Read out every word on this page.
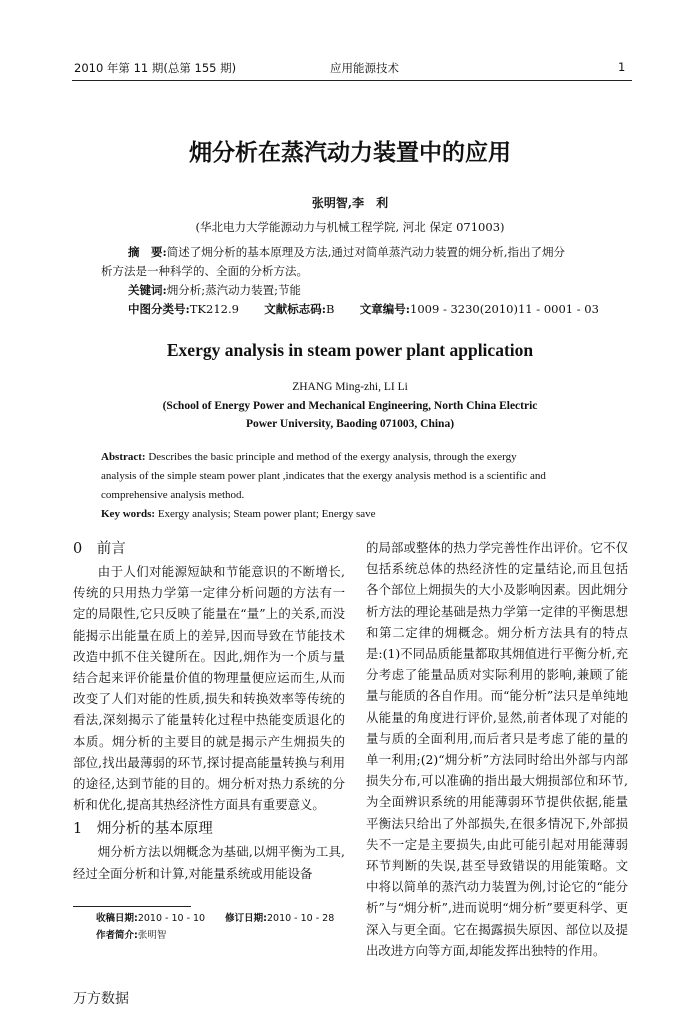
2010 年第 11 期(总第 155 期)	应用能源技术	1
㶲分析在蒸汽动力装置中的应用
张明智,李　利
(华北电力大学能源动力与机械工程学院, 河北 保定 071003)
摘　要:简述了㶲分析的基本原理及方法,通过对简单蒸汽动力装置的㶲分析,指出了㶲分
析方法是一种科学的、全面的分析方法。
关键词:㶲分析;蒸汽动力装置;节能
中图分类号:TK212.9 文献标志码:B 文章编号:1009 - 3230(2010)11 - 0001 - 03
Exergy analysis in steam power plant application
ZHANG Ming-zhi, LI Li
(School of Energy Power and Mechanical Engineering, North China Electric
Power University, Baoding 071003, China)
Abstract: Describes the basic principle and method of the exergy analysis, through the exergy
analysis of the simple steam power plant ,indicates that the exergy analysis method is a scientific and
comprehensive analysis method.
Key words: Exergy analysis; Steam power plant; Energy save
0　前言

由于人们对能源短缺和节能意识的不断增长,传统的只用热力学第一定律分析问题的方法有一定的局限性,它只反映了能量在“量”上的关系,而没能揭示出能量在质上的差异,因而导致在节能技术改造中抓不住关键所在。因此,㶲作为一个质与量结合起来评价能量价值的物理量便应运而生,从而改变了人们对能的性质,损失和转换效率等传统的看法,深刻揭示了能量转化过程中热能变质退化的本质。㶲分析的主要目的就是揭示产生㶲损失的部位,找出最薄弱的环节,探讨提高能量转换与利用的途径,达到节能的目的。㶲分析对热力系统的分析和优化,提高其热经济性方面具有重要意义。

1　㶲分析的基本原理

㶲分析方法以㶲概念为基础,以㶲平衡为工具,经过全面分析和计算,对能量系统或用能设备

收稿日期:2010 - 10 - 10 修订日期:2010 - 10 - 28
作者简介:张明智

的局部或整体的热力学完善性作出评价。它不仅包括系统总体的热经济性的定量结论,而且包括各个部位上㶲损失的大小及影响因素。因此㶲分析方法的理论基础是热力学第一定律的平衡思想和第二定律的㶲概念。㶲分析方法具有的特点是:(1)不同品质能量都取其㶲值进行平衡分析,充分考虑了能量品质对实际利用的影响,兼顾了能量与能质的各自作用。而“能分析”法只是单纯地从能量的角度进行评价,显然,前者体现了对能的量与质的全面利用,而后者只是考虑了能的量的单一利用;(2)“㶲分析”方法同时给出外部与内部损失分布,可以准确的指出最大㶲损部位和环节,为全面辨识系统的用能薄弱环节提供依据,能量平衡法只给出了外部损失,在很多情况下,外部损失不一定是主要损失,由此可能引起对用能薄弱环节判断的失误,甚至导致错误的用能策略。文中将以简单的蒸汽动力装置为例,讨论它的“能分析”与“㶲分析”,进而说明“㶲分析”要更科学、更深入与更全面。它在揭露损失原因、部位以及提出改进方向等方面,却能发挥出独特的作用。

万方数据
